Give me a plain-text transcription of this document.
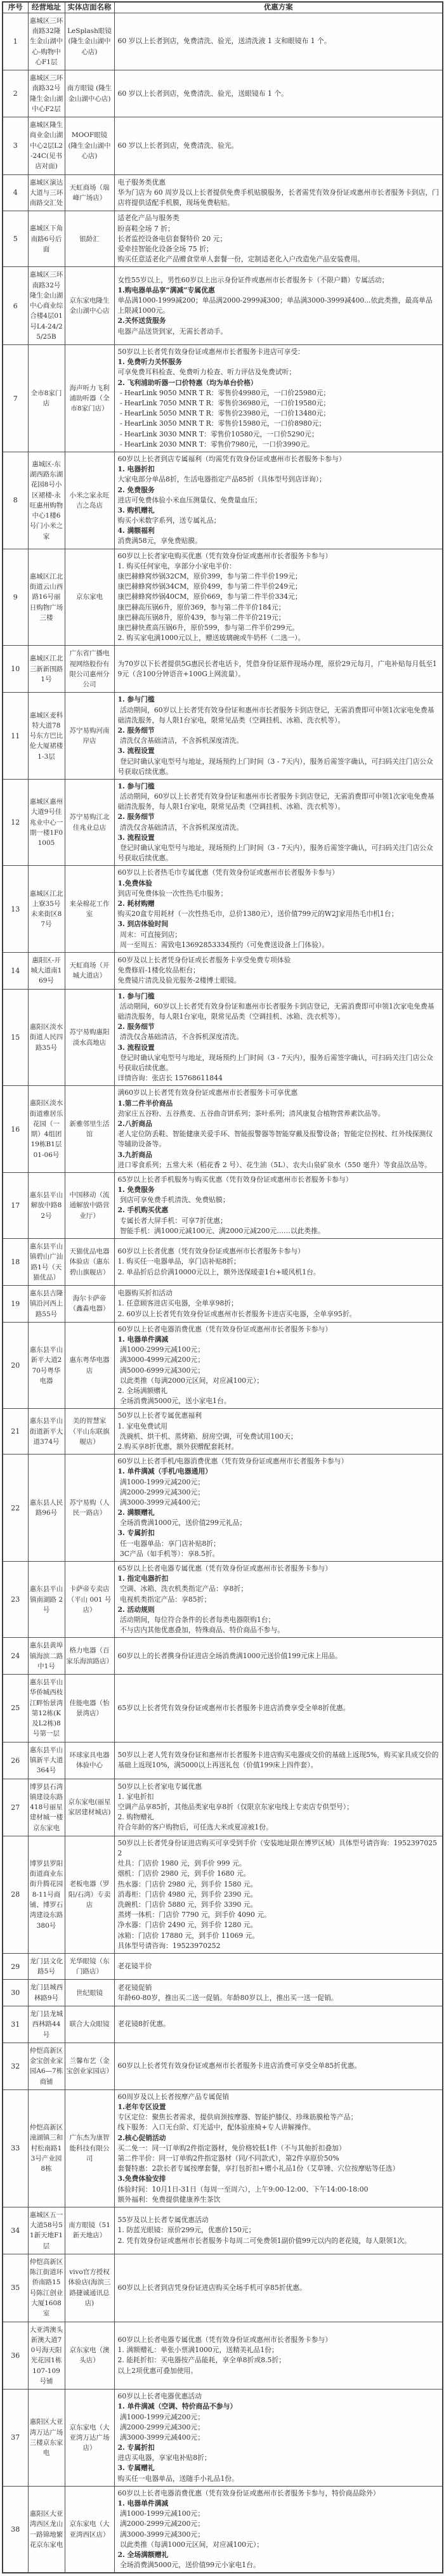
序号	经营地址	实体店面名称	优惠方案
1	惠城区三环南路32隆生金山湖中心-购物中心F1层	LeSplash眼镜 (隆生金山湖中心店)	60 岁以上长者到店，免费清洗、验光，送清洗液 1 支和眼镜布 1 个。

2	惠城区三环南路32号隆生金山湖中心F2层	南方眼镜 (隆生金山湖中心店)	60 岁以上长者到店，免费清洗、验光，送眼镜布 1 个。

3	惠城区隆生商业金山湖中心2层L2-24C(见书店对面)	MOOF眼镜 (隆生金山湖中心店)	60 岁以上长者到店，免费清洗、验光。

4	惠城区演达大道与三环南路交汇处	天虹商场（瑞峰广场店）	电子服务类优惠
华为门店为 60 周岁及以上长者提供免费手机贴膜服务，长者需凭有效身份证或惠州市长者服务卡到店，门店将提供适配手机膜，现场免费粘贴。

5	惠城区下角南路6号后面	银龄汇	适老化产品与服务类
盼喜鞋全场 7 折；
长者监控设备电信套餐特价 20 元；
爱牵挂智能化设备全场 75 折；
购买任意适老化产品赠食堂单人套餐一份，定制适老化入户改造免产品安装费用。

6	惠城区三环南路32号隆生金山湖中心商业综合楼4层01号L4-24/25/25B	京东家电隆生金山湖中心店	女性55岁以上，男性60岁以上出示身份证件或惠州市长者服务卡（不限户籍）专属活动；
1.购电器单品享“满减”专属优惠
单品满1000-1999减200；单品满2000-2999减300；单品满3000-3999减400...依此类推，最高单品上限减1000元。
2.关怀送货服务
电器产品送货到家，无需长者动手。

7	全市8家门店	海声听力飞利浦助听器（全市8家门店）	
50岁以上长者凭有效身份证或惠州市长者服务卡进店可享受：
1. 免费听力关怀服务
可享免费耳科检查、免费听力检查、听力评估及免费试听；
2. 飞利浦助听器一口价特惠（均为单台价格）
- HearLink 9050 MNR T R：零售价49980元，一口价25980元；
- HearLink 7050 MNR T R：零售价36980元，一口价19580元；
- HearLink 5050 MNR T R：零售价23980元，一口价13480元；
- HearLink 3050 MNR T R：零售价15980元，一口价8980元；
- HearLink 3030 MNR T：零售价10580元，一口价5290元；
- HearLink 2030 MNR T：零售价7980元，一口价3990元。

8	惠城区-东湖西路东湖花园8号小区裙楼-永旺惠州购物中心1楼6号门小米之家	小米之家永旺吉之岛店	
60岁以上长者到店专属福利（均需凭有效身份证或惠州市长者服务卡参与）
1. 电器折扣
大家电部分单品8折，生活电器指定产品85折（具体型号到店详询）；
2. 免费服务
进店可免费体验小米血压测量仪、免费量血压；
3. 购机赠礼
购买小米数字系列，送专属礼品；
4. 满额福利
消费满58元，享免费贴膜。

9	惠城区江北街道云山西路16号丽日购物广场三楼	京东家电	
60岁以上长者家电购买优惠（凭有效身份证或惠州市长者服务卡参与）
1. 购买任何家电，享部分小家电半价：
康巴赫蜂窝炒锅32CM，原价399，参与第二件半价199元；
康巴赫蜂窝炒锅34CM，原价499，参与第二件半价249元；
康巴赫蜂窝炒锅40CM，原价669，参与第二件半价334元；
康巴赫高压锅6升，原价369，参与第二件半价184元；
康巴赫高压锅8升，原价439，参与第二件半价219元；
康巴赫快煮高压锅6升，原价599，参与第二件半价299元。
2. 购买家电满1000元以上，赠送玻璃碗或牛奶杯（二选一）。

10	惠城区江北三新新围路1号	广东省广播电视网络股份有限公司惠州分公司	为70岁以下长者提供5G惠民长者电话卡，凭借身份证原件现场办理，原价29元每月，广电补贴每月低至19元（含100分钟语音+100G上网流量）。

11	惠城区麦科特大道78号东方巴比伦大厦裙楼1-3层	苏宁易购河南岸店	
1. 参与门槛
活动期间，60岁以上长者凭有效身份证和惠州市长者服务卡到店登记，无需消费即可申领1次家电免费基础清洗服务，每人限1台家电，限常见品类（空调挂机、冰箱、洗衣机等）。
2. 服务细节
清洗仅含基础清洁，不含拆机深度清洗。
3. 流程设置
登记时确认家电型号与地址，现场预约上门时间（3 - 7天内），服务后需签字确认，可扫码关注门店公众号获取后续优惠。

12	惠城区惠州大道9号佳兆业中心一期一楼1F01005	苏宁易购江北佳兆业总店	
1. 参与门槛
活动期间，60岁以上长者凭有效身份证和惠州市长者服务卡到店登记，无需消费即可申领1次家电免费基础清洗服务，每人限1台家电，限常见品类（空调挂机、冰箱、洗衣机等）。
2. 服务细节
清洗仅含基础清洁，不含拆机深度清洗。
3. 流程设置
登记时确认家电型号与地址，现场预约上门时间（3 - 7天内），服务后需签字确认，可扫码关注门店公众号获取后续优惠。

13	惠城区江北上寮35号未来街区87号	来朵棉花工作室	
60岁以上长者热毛巾专属优惠（凭有效身份证或惠州市长者服务卡参与）
1.免费体验
到店可免费体验一次性热毛巾服务；
2. 耗材购赠
购买20盒专用耗材（一次性热毛巾，总价1380元），送价值799元的W2J家用热毛巾机1台；
3. 到店体验时间
周末：可直接到店；
周一至周五：需致电13692853334预约（可免费送设备上门体验）。

14	惠阳区-开城大道南169号	天虹商场（开城大道店）	60岁及以上长者凭身份证或长者服务卡享受免费专项体验
免费修眉-1楼化妆品柜台；
免费镜片清洗及验光服务-2楼博士眼镜。

15	惠阳区淡水街道人民四路35号	苏宁易购惠阳淡水高地店	
1. 参与门槛
活动期间，60岁以上长者凭有效身份证和惠州市长者服务卡到店登记，无需消费即可申领1次家电免费基础清洗服务，每人限1台家电，限常见品类（空调挂机、冰箱、洗衣机等）。
2. 服务细节
清洗仅含基础清洁，不含拆机深度清洗。
3. 流程设置
登记时确认家电型号与地址，现场预约上门时间（3 - 7天内），服务后需签字确认，可扫码关注门店公众号获取后续优惠。
详情咨询：张店长 15768611844

16	惠阳区淡水街道雅居乐花园（一期）4组团19栋B1层01-06号	新雅邻里生活馆	
满60岁以上长者凭有效身份证或惠州市长者服务卡可享优惠
1.第二件半价商品
劲家庄五谷粉、五谷燕麦、五谷曲奇饼系列；茶叶系列；清风康复合植物营养素饮品等。
2.八折商品
老人定位防丢鞋、智能健康关爱手环、智能报警器等智能穿戴及报警设备；智能定位拐杖、红外线探测仪等辅助设备等。
3.九折商品
进口零食系列；五常大米（稻花香 2 号）、花生油（5L）、农夫山泉矿泉水（550 毫升）等食品饮品等。

17	惠东县平山解放中路82号	中国移动（流通解放中路营业厅）	
65岁以上长者手机服务与购买优惠（凭有效身份证或惠州市长者服务卡参与）
1. 免费服务
到店可享免费手机清洗、免费贴膜；
2. 手机购买优惠
专属长者大屏手机：可享7折优惠；
智能手机：满1000元减100元、满2000元减200元……以此类推。

18	惠东县平山镇碧山广汕路1号（天猫优品）	天猫优品电器体验店（惠东碧山旗舰店）	60岁以上长者优惠（凭有效身份证或惠州市长者服务卡参与）
1. 购买任一电器单品，享门店补贴8折；
2. 单品折后总价满10000元以上，额外送保暖壶1台+暖风机1台。

19	惠东县吉隆镇沿河西上路55号	海尔卡萨帝（鑫淼电器）	电器购买折扣活动
1. 任意顾客进店买电器，全单享98折；
2. 60岁以上长者凭有效身份证或惠州市长者服务卡进店买电器，全单享95折。

20	惠东县平山新平大道270号粤华电器	惠东粤华电器店	
60岁以上长者电器消费优惠（凭有效身份证或惠州市长者服务卡参与）
1. 电器单件满减
满1000-2999元减100元；
满3000-4999元减200元；
满5000-6999元减300元；
以此类推（每满2000元区间，对应减100元）；
2. 全场满额赠礼
全场消费满5000元，送小家电1台。

21	惠东县平山街道新平大道374号	美的智慧家（平山东联旗舰店）	50岁以上长者专属优惠福利
1. 家电免费试用
洗碗机、烘干机、蒸烤箱、厨房空调，可免费试用100天；
2.购买享8折优惠，额外获赠配套耗材。

22	惠东县人民路96号	苏宁易购（人民一路店）	
60岁以上长者手机/电器消费优惠（凭有效身份证或惠州市长者服务卡参与）
1. 单件满减（手机/电器通用）
满1000-1999元减200元；
满2000-2999元减300元；
满3000-3999元减400元；
2. 满额赠礼
全场消费满1000元，送价值299元礼品；
3. 专属折扣
任一电器单品：享门店补贴8折；
3C产品（如手机等）：享8.5折。

23	惠东县平山镇南湖路 2 号	卡萨帝专卖店（平山 001 号店）	
65岁以上长者电器专属优惠（凭有效身份证或惠州市长者服务卡参与）
1. 指定电器折扣
空调、冰箱、洗衣机类指定产品：享8折；
电视机类指定产品：享85折；
2. 活动规则
活动期间，每位符合条件的长者每类电器限购1台；
不与店内其他优惠叠加，特殊商品、特价商品不参与。

24	惠东县黄埠镇海滨二路中1号	格力电器（百家乐海滨路店）	60岁以上的长者携身份证进店全场消费满1000元送价值199元床上用品。

25	惠东县平山华侨城西枝江畔怡景湾第12栋(K及L2栋)8号第一层	佳能电器（怡景湾店）	65岁以上长者凭有效身份证或惠州市长者服务卡进店消费享受全单8折优惠。

26	惠东县平山镇新平大道364号	环球家具电器体验中心	50岁以上老人凭有效身份证和惠州市长者服务卡进店购买电器成交价的基础上返现5%，购买家具成交价的基础上返现10%，满5000以上再送礼包（价值199床上四件套）。

27	博罗县石湾镇建设东路418号丽星建材城一楼京东家电	京东家电(丽星家居建材城店)	50岁以上长者家电专属优惠
1. 家电折扣
空调产品享85折，其他品类家电享8折（仅限京东家电线上专卖店专供型号）；
2. 购物赠礼
符合年龄的客户购物后，可任选大米或夏凉被1份。

28	博罗县罗阳街道商业东街升腾花园8-11号商铺、博罗石湾建设东路380号	老板电器（罗阳/石湾）专卖店	
50岁以上长者凭身份证进店购买可享受到手价（安装地址限在博罗区域）具体型号请咨询：19523970252
灶具：门店价 1980 元，到手价 999 元。
烟机：门店价 2980 元，到手价 1680 元。
热水器：门店价 2980 元，到手价 1580 元。
消毒柜：门店价 4980 元，到手价 2390 元。
洗碗机：门店价 5880 元，到手价 3390 元。
蒸烤一体机：门店价 7790 元，到手价 4090 元。
净水器：门店价 2490 元，到手价 1280 元。
冰箱：门店价 17880 元，到手价 11069 元。
具体型号请咨询：19523970252

29	龙门县文化路5号	光华眼镜（东门路店）	老花镜半价

30	龙门县城西林路9号	世纪眼镜	老花镜促销
年龄60-80岁，推出买二送一促销。年龄80岁以上，推出买一送一促销。

31	龙门县龙城西林路44号	联合大众眼镜	老花镜8折优惠。

32	仲恺高新区金宝创业家园A6—7栋商铺	兰馨布艺（金宝创业家园店）	60岁以上长者凭有效身份证或惠州市长者服务卡进店消费可享受全单85折优惠。

33	仲恺高新区潼湖镇三和村松南路13号产业园8栋	广东杰为康智能科技有限公司	
60周岁及以上长者按摩产品专属促销
1.老年专区设置
专区定位：聚焦长者需求，提供肩颈按摩器、智能护膝仪、珍珠筋膜枪等产品；
线下服务：入口无台阶、灯光适中，配体验座椅+专人讲解操作。
2.核心促销活动
买二免一：同一订单购2件指定器材，免价格较低1件（不与其他折扣叠加）
第二件半价：同一订单购2件指定器材（同/不同款式），第2件享原价50%
套餐特惠：2款长者专属按摩套餐，享打包折扣+赠小礼品1份（艾草锤、穴位按摩贴等任选）
3.免费体验安排
体验时间：10月1日-31日（每周一至周六），上午9:00-12:00、下午14:00-18:00
额外福利：免费提供健康养生茶饮

34	惠城区五一大道58号51新天地F1层	南方眼镜（51新天地店）	55岁及以上长者专属优惠活动
1. 防蓝光眼镜：原价299元，优惠价150元；
2. 凭有效身份证或惠州市长者服务卡每周二可免费领1副价值99元以内的老花镜，每人限领1次。

35	仲恺高新区陈江街道环侨南路15号陈江创业大厦1608室	vivo官方授权体验店(海滨三路捷诚通讯总店)	60岁以上长者到店凭身份证进店购买全场手机可享85折优惠。

36	大亚湾澳头新澳大道70号海天阳光花园1栋107-109号铺	京东家电（澳头店）	60岁以上长者电器专属优惠（凭有效身份证或惠州市长者服务卡参与）
1. 满额赠礼：单张小票满1000元，送精美礼品1份；
2. 能耗折扣：买电器按产品能耗，享全单8折或8.5折；
以上2项优惠可叠加使用。

37	惠阳区大亚湾万达广场三楼京东家电	京东家电（大亚湾万达广场店）	
60岁以上长者电器优惠活动
1. 单件满减（空调、特价商品不参与）
满1000-1999元减200元；
满2000-2999元减300元；
满3000-3999元减400元；
2. 专属折扣
进店买电器，享家电补贴8折；
3. 专属赠礼
购买任一电器单品，送随手小礼品1份。

38	惠阳区大亚湾西区龙山一路锦地繁花京东家电	京东家电（大亚湾西区店）	
60岁以上长者电器消费优惠（凭有效身份证或惠州市长者服务卡参与，特价商品除外）
1. 电器单件满减
满1000-1999元减100元；
满2000-2999元减200元；
满3000-3999元减300元；
以此类推（每满1000元区间，对应减100元）；
2. 全场满额赠礼
全场消费满5000元，送价值99元小家电1台。
